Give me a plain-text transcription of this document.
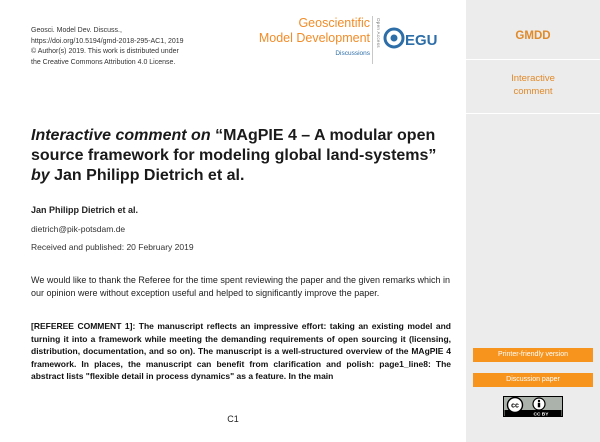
Geosci. Model Dev. Discuss.,
https://doi.org/10.5194/gmd-2018-295-AC1, 2019
© Author(s) 2019. This work is distributed under
the Creative Commons Attribution 4.0 License.
Geoscientific
Model Development
Discussions
Open Access EGU
Interactive comment on “MAgPIE 4 – A modular open source framework for modeling global land-systems” by Jan Philipp Dietrich et al.
Jan Philipp Dietrich et al.
dietrich@pik-potsdam.de
Received and published: 20 February 2019
We would like to thank the Referee for the time spent reviewing the paper and the given remarks which in our opinion were without exception useful and helped to significantly improve the paper.
[REFEREE COMMENT 1]: The manuscript reflects an impressive effort: taking an existing model and turning it into a framework while meeting the demanding requirements of open sourcing it (licensing, distribution, documentation, and so on). The manuscript is a well-structured overview of the MAgPIE 4 framework. In places, the manuscript can benefit from clarification and polish: page1_line8: The abstract lists "flexible detail in process dynamics" as a feature. In the main
C1
GMDD
Interactive
comment
Printer-friendly version
Discussion paper
cc
CC BY
